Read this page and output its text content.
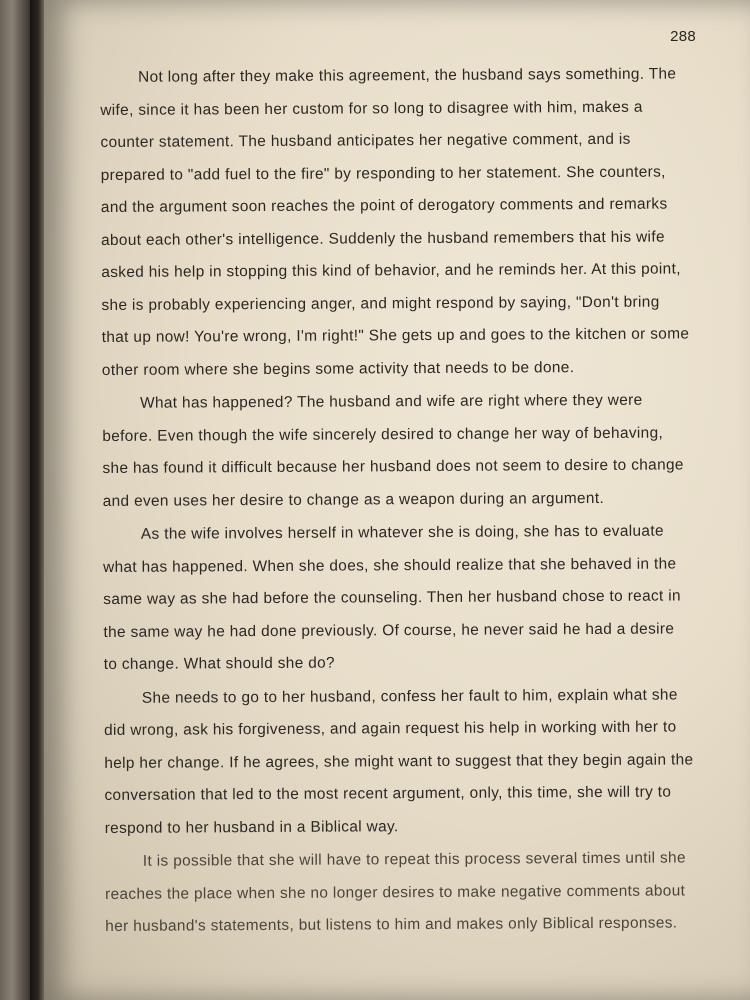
288
Not long after they make this agreement, the husband says something. The
wife, since it has been her custom for so long to disagree with him, makes a
counter statement. The husband anticipates her negative comment, and is
prepared to "add fuel to the fire" by responding to her statement. She counters,
and the argument soon reaches the point of derogatory comments and remarks
about each other's intelligence. Suddenly the husband remembers that his wife
asked his help in stopping this kind of behavior, and he reminds her. At this point,
she is probably experiencing anger, and might respond by saying, "Don't bring
that up now! You're wrong, I'm right!" She gets up and goes to the kitchen or some
other room where she begins some activity that needs to be done.
What has happened? The husband and wife are right where they were
before. Even though the wife sincerely desired to change her way of behaving,
she has found it difficult because her husband does not seem to desire to change
and even uses her desire to change as a weapon during an argument.
As the wife involves herself in whatever she is doing, she has to evaluate
what has happened. When she does, she should realize that she behaved in the
same way as she had before the counseling. Then her husband chose to react in
the same way he had done previously. Of course, he never said he had a desire
to change. What should she do?
She needs to go to her husband, confess her fault to him, explain what she
did wrong, ask his forgiveness, and again request his help in working with her to
help her change. If he agrees, she might want to suggest that they begin again the
conversation that led to the most recent argument, only, this time, she will try to
respond to her husband in a Biblical way.
It is possible that she will have to repeat this process several times until she
reaches the place when she no longer desires to make negative comments about
her husband's statements, but listens to him and makes only Biblical responses.
